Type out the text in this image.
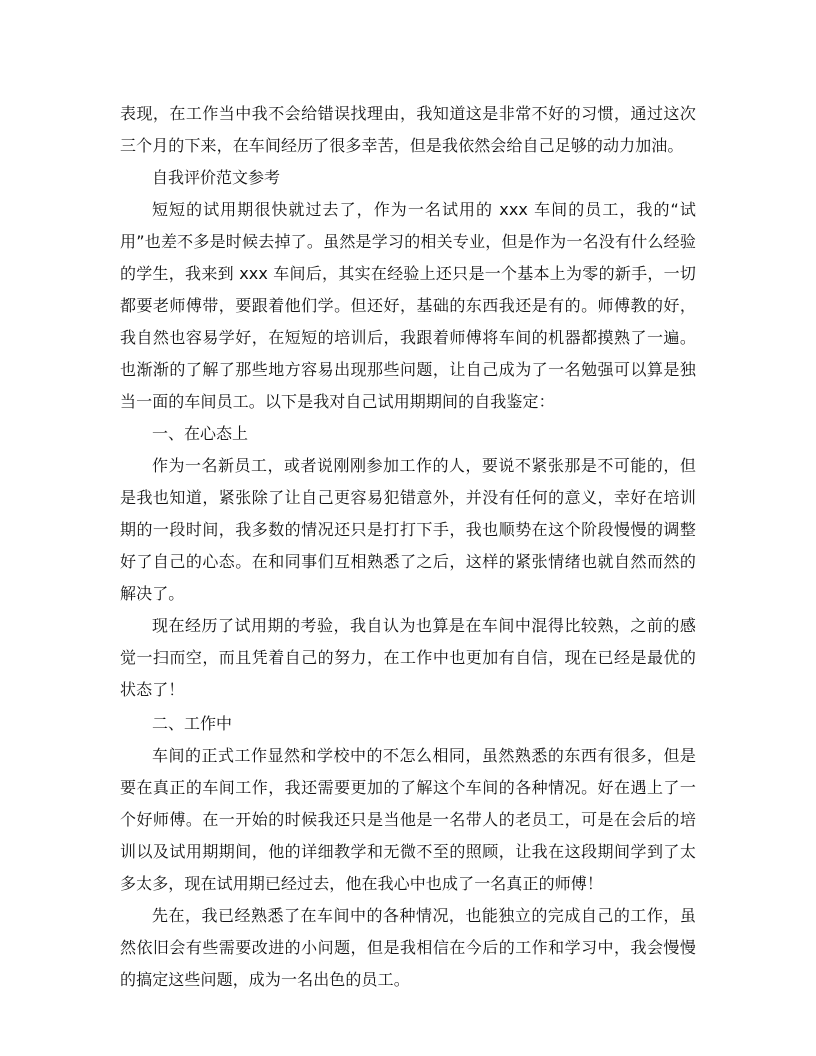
表现，在工作当中我不会给错误找理由，我知道这是非常不好的习惯，通过这次三个月的下来，在车间经历了很多幸苦，但是我依然会给自己足够的动力加油。

自我评价范文参考

短短的试用期很快就过去了，作为一名试用的 xxx 车间的员工，我的“试用”也差不多是时候去掉了。虽然是学习的相关专业，但是作为一名没有什么经验的学生，我来到 xxx 车间后，其实在经验上还只是一个基本上为零的新手，一切都要老师傅带，要跟着他们学。但还好，基础的东西我还是有的。师傅教的好，我自然也容易学好，在短短的培训后，我跟着师傅将车间的机器都摸熟了一遍。也渐渐的了解了那些地方容易出现那些问题，让自己成为了一名勉强可以算是独当一面的车间员工。以下是我对自己试用期期间的自我鉴定：

一、在心态上

作为一名新员工，或者说刚刚参加工作的人，要说不紧张那是不可能的，但是我也知道，紧张除了让自己更容易犯错意外，并没有任何的意义，幸好在培训期的一段时间，我多数的情况还只是打打下手，我也顺势在这个阶段慢慢的调整好了自己的心态。在和同事们互相熟悉了之后，这样的紧张情绪也就自然而然的解决了。

现在经历了试用期的考验，我自认为也算是在车间中混得比较熟，之前的感觉一扫而空，而且凭着自己的努力，在工作中也更加有自信，现在已经是最优的状态了！

二、工作中

车间的正式工作显然和学校中的不怎么相同，虽然熟悉的东西有很多，但是要在真正的车间工作，我还需要更加的了解这个车间的各种情况。好在遇上了一个好师傅。在一开始的时候我还只是当他是一名带人的老员工，可是在会后的培训以及试用期期间，他的详细教学和无微不至的照顾，让我在这段期间学到了太多太多，现在试用期已经过去，他在我心中也成了一名真正的师傅！

先在，我已经熟悉了在车间中的各种情况，也能独立的完成自己的工作，虽然依旧会有些需要改进的小问题，但是我相信在今后的工作和学习中，我会慢慢的搞定这些问题，成为一名出色的员工。
